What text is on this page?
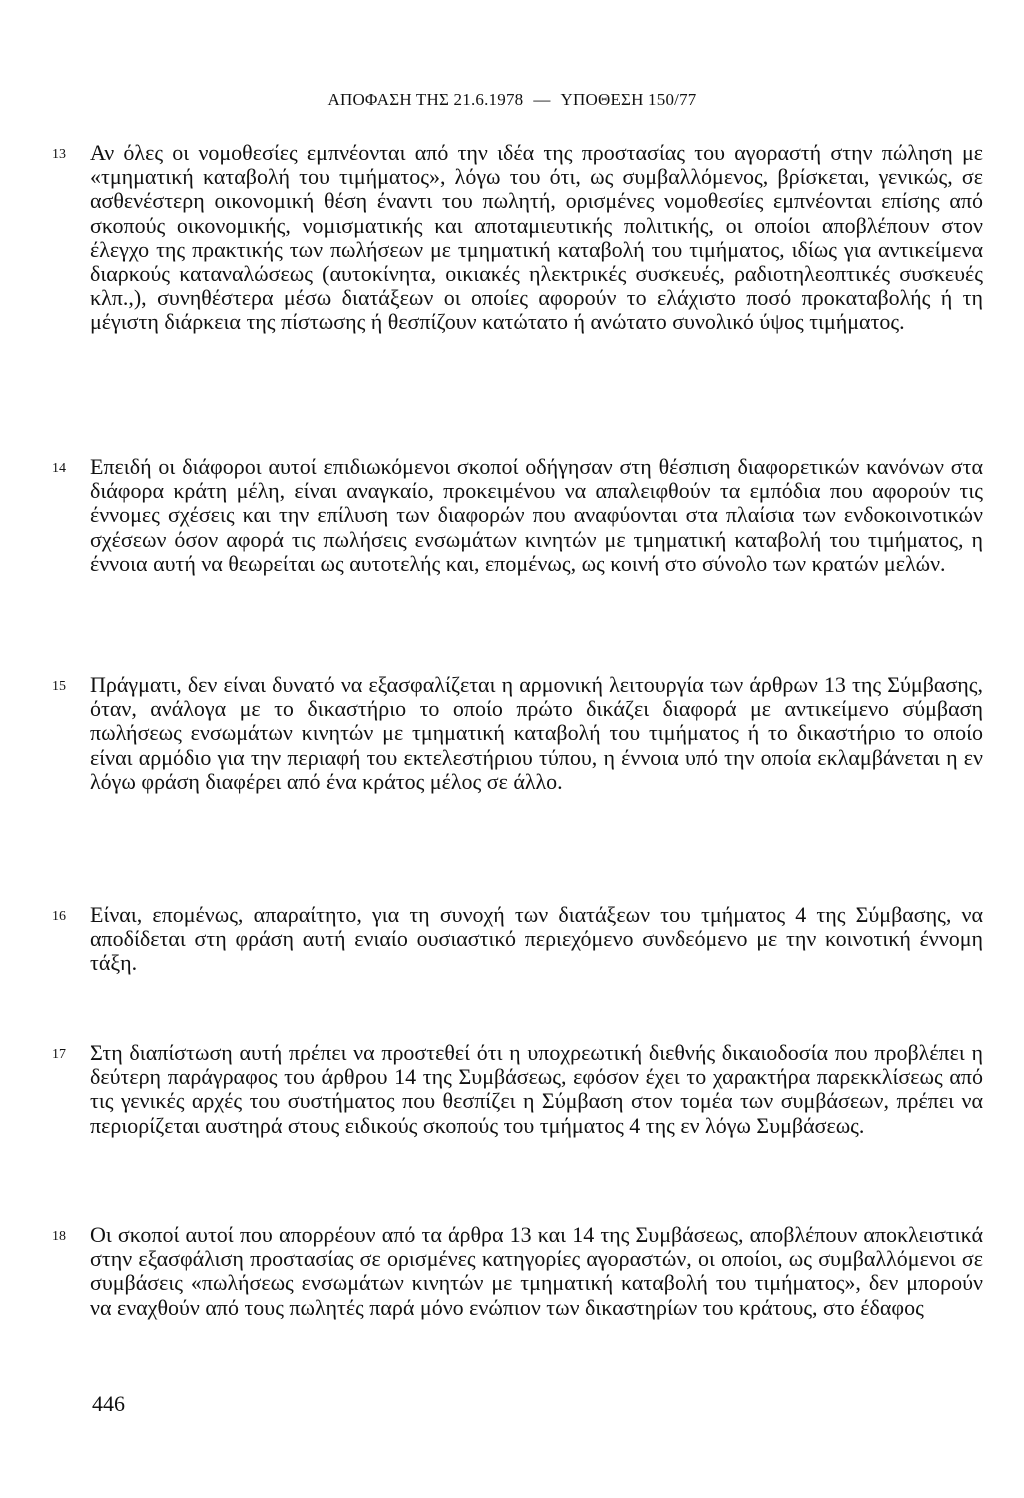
ΑΠΟΦΑΣΗ ΤΗΣ 21.6.1978 — ΥΠΟΘΕΣΗ 150/77
13	Αν όλες οι νομοθεσίες εμπνέονται από την ιδέα της προστασίας του αγοραστή στην πώληση με «τμηματική καταβολή του τιμήματος», λόγω του ότι, ως συμβαλλόμενος, βρίσκεται, γενικώς, σε ασθενέστερη οικονομική θέση έναντι του πωλητή, ορισμένες νομοθεσίες εμπνέονται επίσης από σκοπούς οικονομικής, νομισματικής και αποταμιευτικής πολιτικής, οι οποίοι αποβλέπουν στον έλεγχο της πρακτικής των πωλήσεων με τμηματική καταβολή του τιμήματος, ιδίως για αντικείμενα διαρκούς καταναλώσεως (αυτοκίνητα, οικιακές ηλεκτρικές συσκευές, ραδιοτηλεοπτικές συσκευές κλπ.,), συνηθέστερα μέσω διατάξεων οι οποίες αφορούν το ελάχιστο ποσό προκαταβολής ή τη μέγιστη διάρκεια της πίστωσης ή θεσπίζουν κατώτατο ή ανώτατο συνολικό ύψος τιμήματος.
14	Επειδή οι διάφοροι αυτοί επιδιωκόμενοι σκοποί οδήγησαν στη θέσπιση διαφορετικών κανόνων στα διάφορα κράτη μέλη, είναι αναγκαίο, προκειμένου να απαλειφθούν τα εμπόδια που αφορούν τις έννομες σχέσεις και την επίλυση των διαφορών που αναφύονται στα πλαίσια των ενδοκοινοτικών σχέσεων όσον αφορά τις πωλήσεις ενσωμάτων κινητών με τμηματική καταβολή του τιμήματος, η έννοια αυτή να θεωρείται ως αυτοτελής και, επομένως, ως κοινή στο σύνολο των κρατών μελών.
15	Πράγματι, δεν είναι δυνατό να εξασφαλίζεται η αρμονική λειτουργία των άρθρων 13 της Σύμβασης, όταν, ανάλογα με το δικαστήριο το οποίο πρώτο δικάζει διαφορά με αντικείμενο σύμβαση πωλήσεως ενσωμάτων κινητών με τμηματική καταβολή του τιμήματος ή το δικαστήριο το οποίο είναι αρμόδιο για την περιαφή του εκτελεστήριου τύπου, η έννοια υπό την οποία εκλαμβάνεται η εν λόγω φράση διαφέρει από ένα κράτος μέλος σε άλλο.
16	Είναι, επομένως, απαραίτητο, για τη συνοχή των διατάξεων του τμήματος 4 της Σύμβασης, να αποδίδεται στη φράση αυτή ενιαίο ουσιαστικό περιεχόμενο συνδεόμενο με την κοινοτική έννομη τάξη.
17	Στη διαπίστωση αυτή πρέπει να προστεθεί ότι η υποχρεωτική διεθνής δικαιοδοσία που προβλέπει η δεύτερη παράγραφος του άρθρου 14 της Συμβάσεως, εφόσον έχει το χαρακτήρα παρεκκλίσεως από τις γενικές αρχές του συστήματος που θεσπίζει η Σύμβαση στον τομέα των συμβάσεων, πρέπει να περιορίζεται αυστηρά στους ειδικούς σκοπούς του τμήματος 4 της εν λόγω Συμβάσεως.
18	Οι σκοποί αυτοί που απορρέουν από τα άρθρα 13 και 14 της Συμβάσεως, αποβλέπουν αποκλειστικά στην εξασφάλιση προστασίας σε ορισμένες κατηγορίες αγοραστών, οι οποίοι, ως συμβαλλόμενοι σε συμβάσεις «πωλήσεως ενσωμάτων κινητών με τμηματική καταβολή του τιμήματος», δεν μπορούν να εναχθούν από τους πωλητές παρά μόνο ενώπιον των δικαστηρίων του κράτους, στο έδαφος
446
